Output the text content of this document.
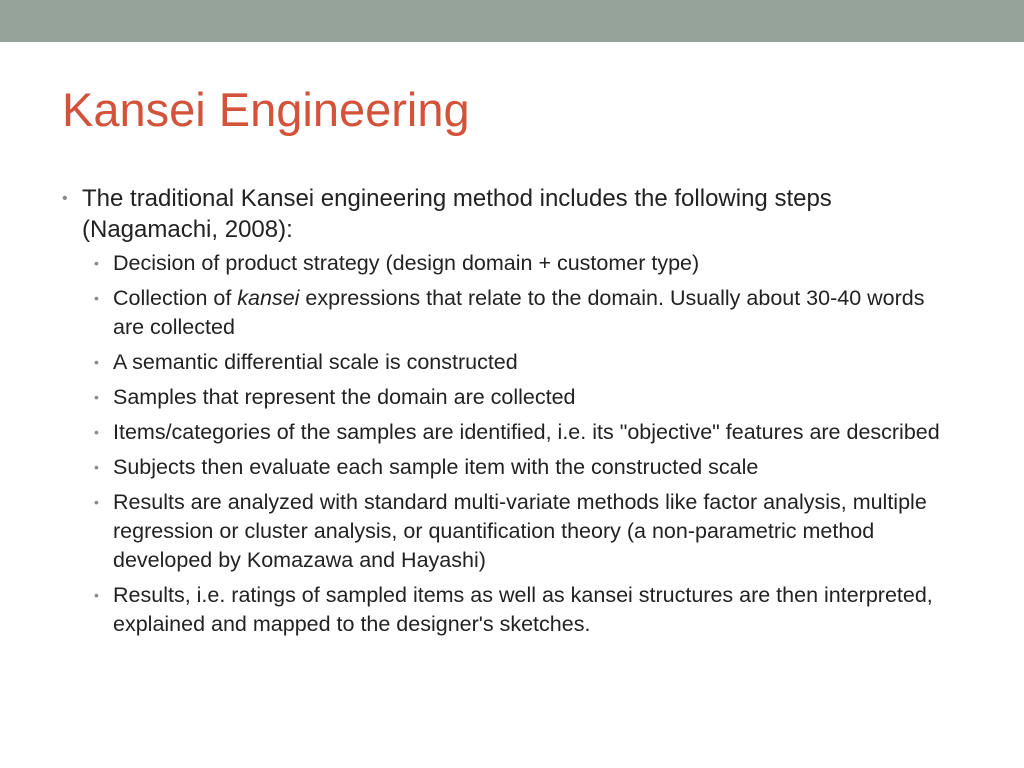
Kansei Engineering
• The traditional Kansei engineering method includes the following steps (Nagamachi, 2008):
• Decision of product strategy (design domain + customer type)
• Collection of kansei expressions that relate to the domain. Usually about 30-40 words are collected
• A semantic differential scale is constructed
• Samples that represent the domain are collected
• Items/categories of the samples are identified, i.e. its "objective" features are described
• Subjects then evaluate each sample item with the constructed scale
• Results are analyzed with standard multi-variate methods like factor analysis, multiple regression or cluster analysis, or quantification theory (a non-parametric method developed by Komazawa and Hayashi)
• Results, i.e. ratings of sampled items as well as kansei structures are then interpreted, explained and mapped to the designer's sketches.
